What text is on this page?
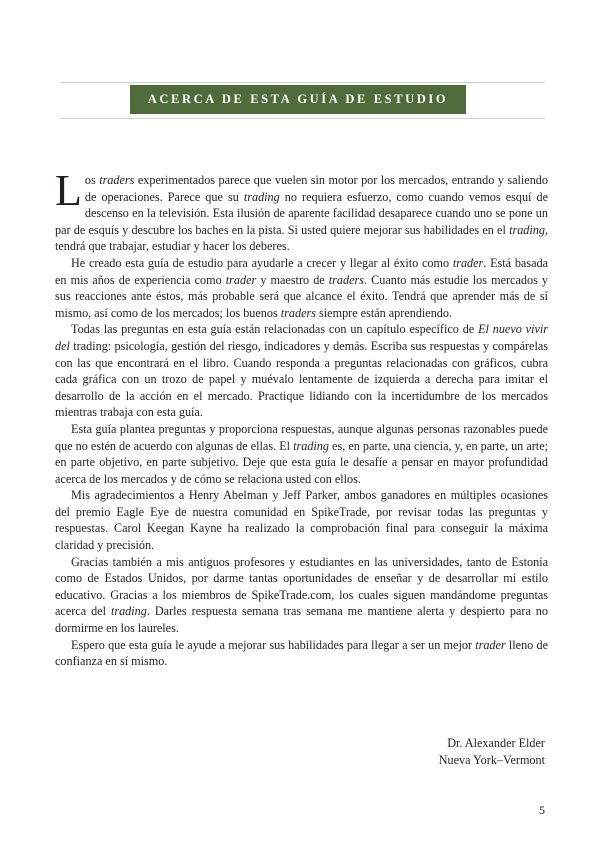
ACERCA DE ESTA GUÍA DE ESTUDIO

Los traders experimentados parece que vuelen sin motor por los mercados, entrando y saliendo de operaciones. Parece que su trading no requiera esfuerzo, como cuando vemos esquí de descenso en la televisión. Esta ilusión de aparente facilidad desaparece cuando uno se pone un par de esquís y descubre los baches en la pista. Si usted quiere mejorar sus habilidades en el trading, tendrá que trabajar, estudiar y hacer los deberes.

He creado esta guía de estudio para ayudarle a crecer y llegar al éxito como trader. Está basada en mis años de experiencia como trader y maestro de traders. Cuanto más estudie los mercados y sus reacciones ante éstos, más probable será que alcance el éxito. Tendrá que aprender más de sí mismo, así como de los mercados; los buenos traders siempre están aprendiendo.

Todas las preguntas en esta guía están relacionadas con un capítulo específico de El nuevo vivir del trading: psicología, gestión del riesgo, indicadores y demás. Escriba sus respuestas y compárelas con las que encontrará en el libro. Cuando responda a preguntas relacionadas con gráficos, cubra cada gráfica con un trozo de papel y muévalo lentamente de izquierda a derecha para imitar el desarrollo de la acción en el mercado. Practique lidiando con la incertidumbre de los mercados mientras trabaja con esta guía.

Esta guía plantea preguntas y proporciona respuestas, aunque algunas personas razonables puede que no estén de acuerdo con algunas de ellas. El trading es, en parte, una ciencia, y, en parte, un arte; en parte objetivo, en parte subjetivo. Deje que esta guía le desafíe a pensar en mayor profundidad acerca de los mercados y de cómo se relaciona usted con ellos.

Mis agradecimientos a Henry Abelman y Jeff Parker, ambos ganadores en múltiples ocasiones del premio Eagle Eye de nuestra comunidad en SpikeTrade, por revisar todas las preguntas y respuestas. Carol Keegan Kayne ha realizado la comprobación final para conseguir la máxima claridad y precisión.

Gracias también a mis antiguos profesores y estudiantes en las universidades, tanto de Estonia como de Estados Unidos, por darme tantas oportunidades de enseñar y de desarrollar mi estilo educativo. Gracias a los miembros de SpikeTrade.com, los cuales siguen mandándome preguntas acerca del trading. Darles respuesta semana tras semana me mantiene alerta y despierto para no dormirme en los laureles.

Espero que esta guía le ayude a mejorar sus habilidades para llegar a ser un mejor trader lleno de confianza en sí mismo.

Dr. Alexander Elder
Nueva York–Vermont
5
